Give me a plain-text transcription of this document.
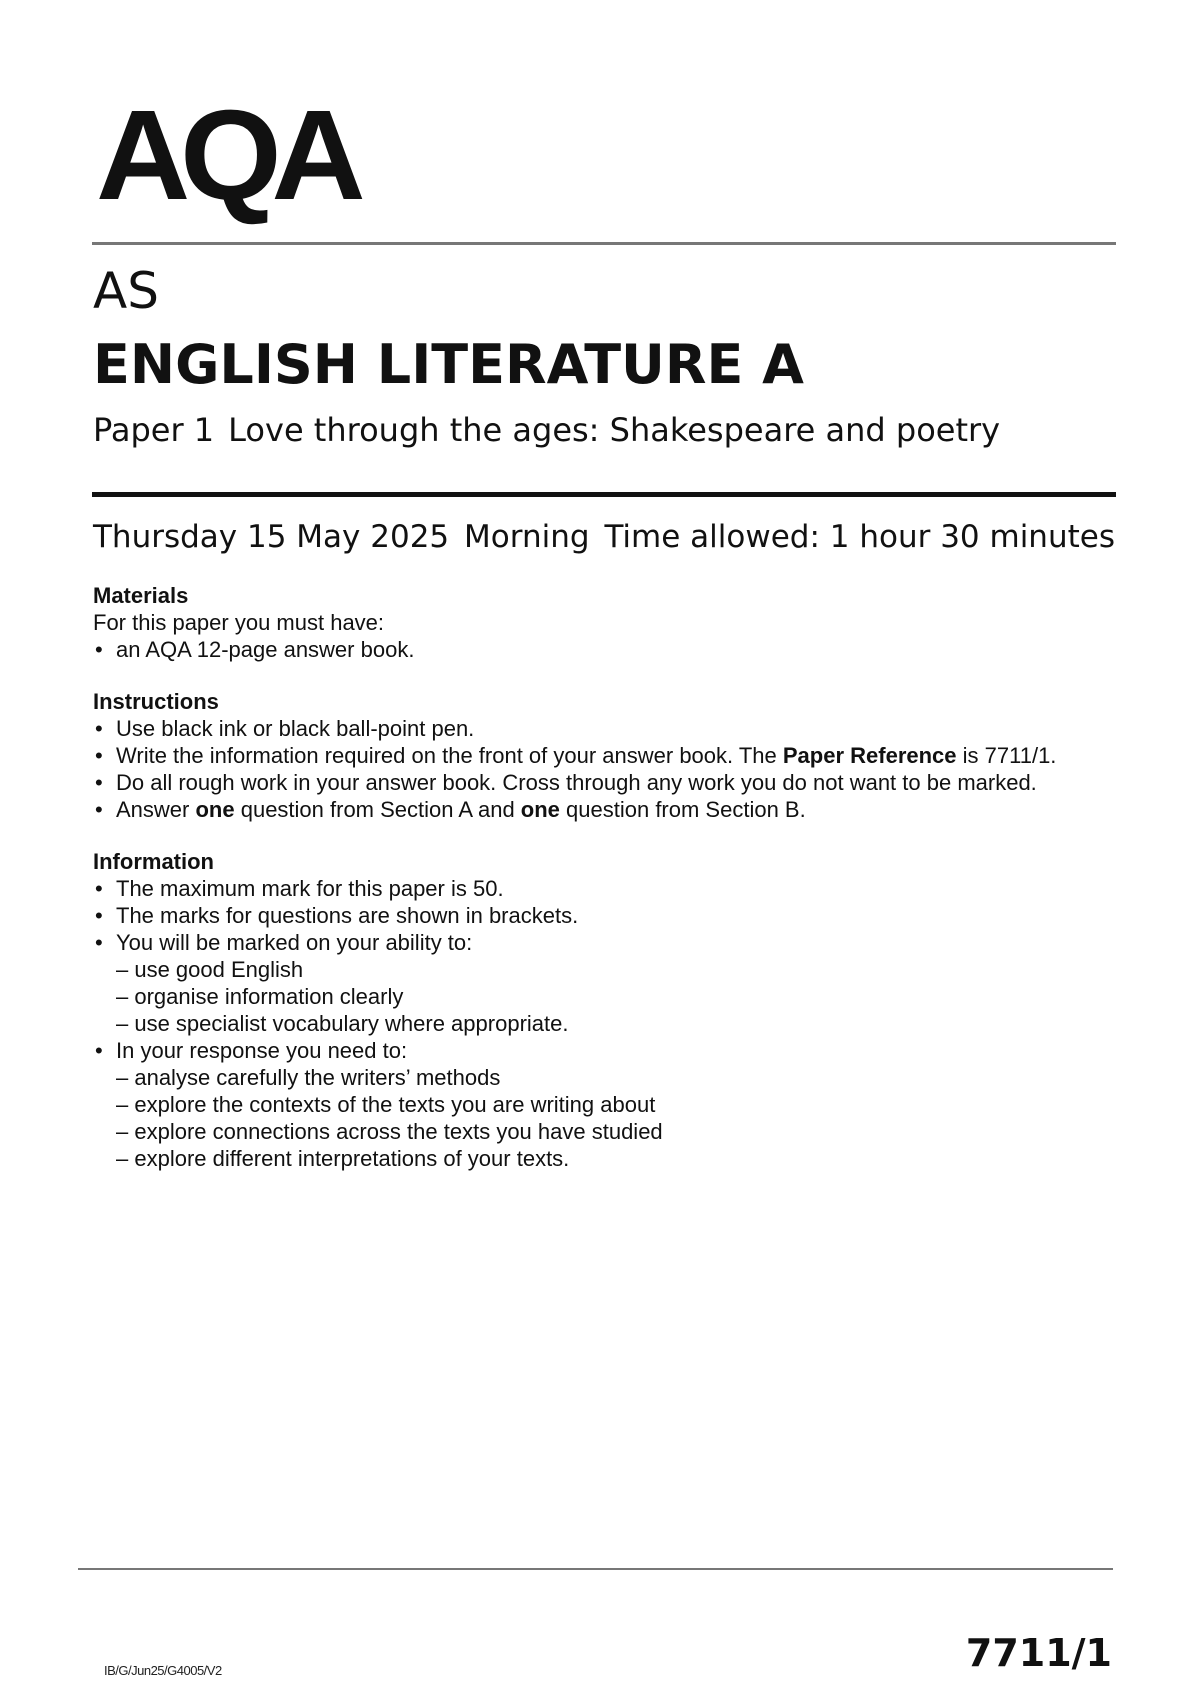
AQA
AS
ENGLISH LITERATURE A
Paper 1 Love through the ages: Shakespeare and poetry
Thursday 15 May 2025 Morning Time allowed: 1 hour 30 minutes
Materials

For this paper you must have:

• an AQA 12-page answer book.
Instructions
• Use black ink or black ball-point pen.
• Write the information required on the front of your answer book. The Paper Reference is 7711/1.
• Do all rough work in your answer book. Cross through any work you do not want to be marked.
• Answer one question from Section A and one question from Section B.
Information
• The maximum mark for this paper is 50.
• The marks for questions are shown in brackets.
• You will be marked on your ability to:
– use good English
– organise information clearly
– use specialist vocabulary where appropriate.
• In your response you need to:
– analyse carefully the writers’ methods
– explore the contexts of the texts you are writing about
– explore connections across the texts you have studied
– explore different interpretations of your texts.
IB/G/Jun25/G4005/V2	7711/1
